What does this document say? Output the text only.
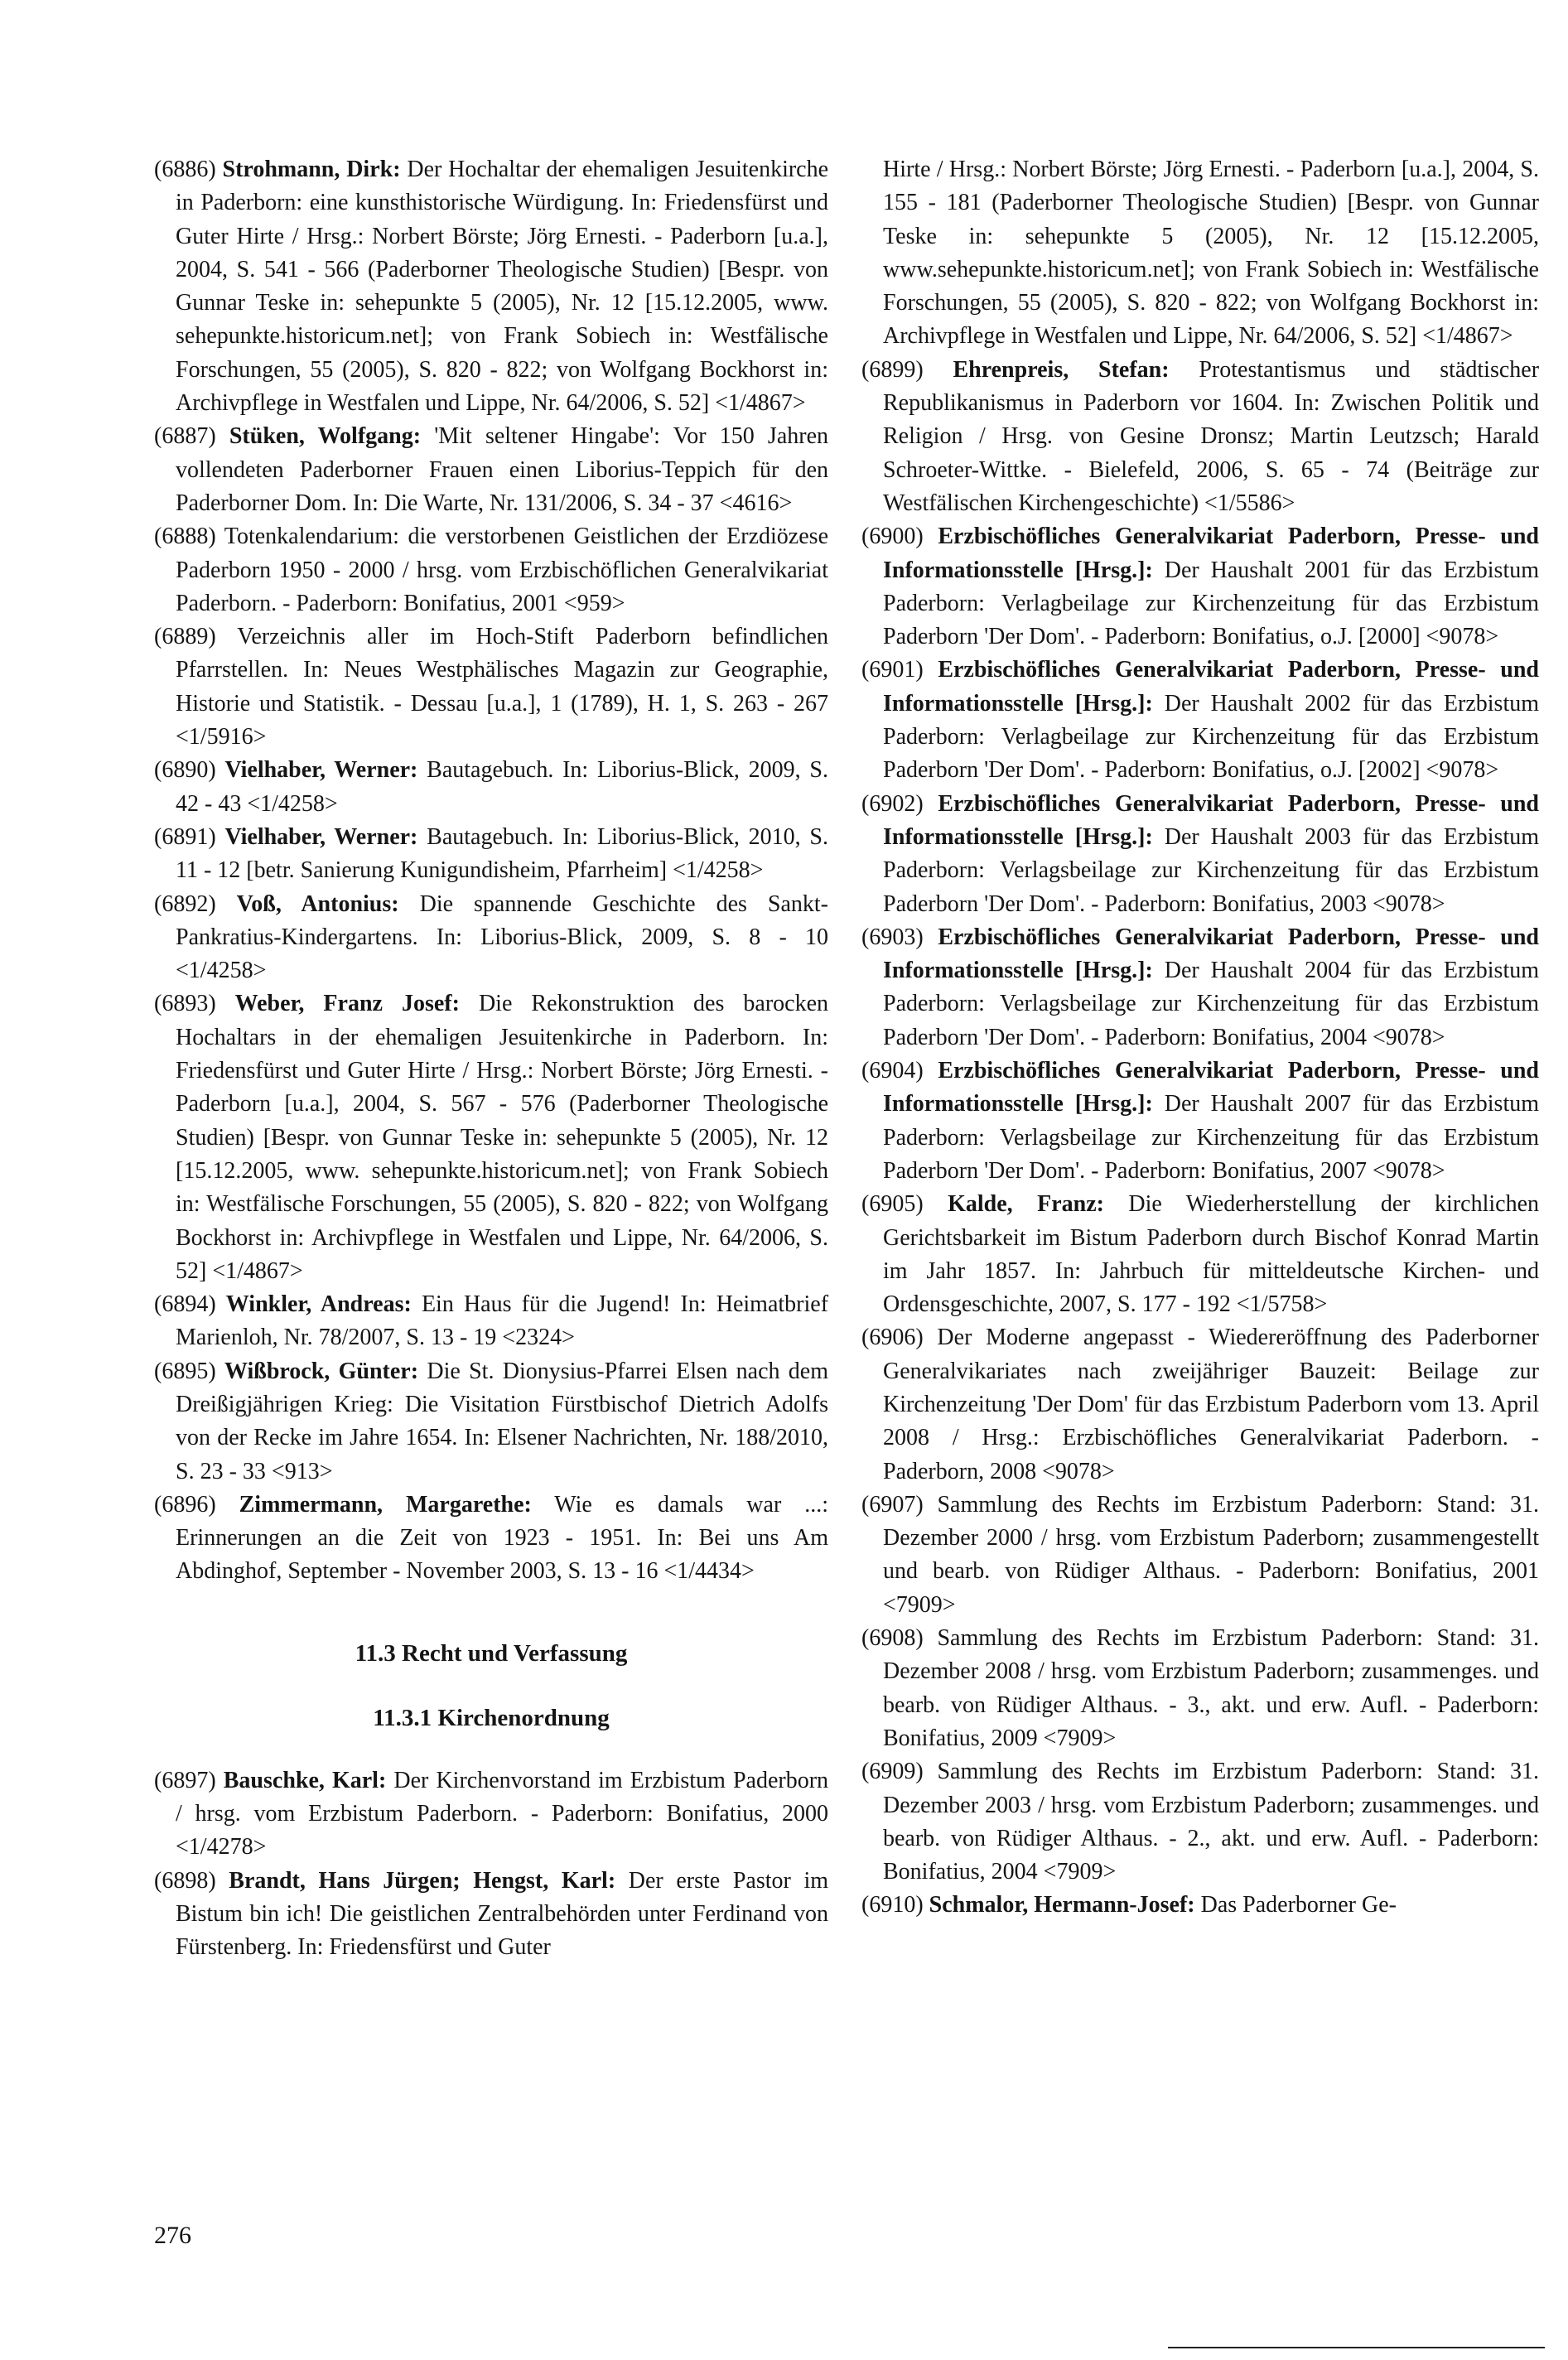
(6886) Strohmann, Dirk: Der Hochaltar der ehemaligen Jesuitenkirche in Paderborn: eine kunsthistorische Würdigung. In: Friedensfürst und Guter Hirte / Hrsg.: Norbert Börste; Jörg Ernesti. - Paderborn [u.a.], 2004, S. 541 - 566 (Paderborner Theologische Studien) [Bespr. von Gunnar Teske in: sehepunkte 5 (2005), Nr. 12 [15.12.2005, www. sehepunkte.historicum.net]; von Frank Sobiech in: Westfälische Forschungen, 55 (2005), S. 820 - 822; von Wolfgang Bockhorst in: Archivpflege in Westfalen und Lippe, Nr. 64/2006, S. 52] <1/4867>

(6887) Stüken, Wolfgang: 'Mit seltener Hingabe': Vor 150 Jahren vollendeten Paderborner Frauen einen Liborius-Teppich für den Paderborner Dom. In: Die Warte, Nr. 131/2006, S. 34 - 37 <4616>

(6888) Totenkalendarium: die verstorbenen Geistlichen der Erzdiözese Paderborn 1950 - 2000 / hrsg. vom Erzbischöflichen Generalvikariat Paderborn. - Paderborn: Bonifatius, 2001 <959>

(6889) Verzeichnis aller im Hoch-Stift Paderborn befindlichen Pfarrstellen. In: Neues Westphälisches Magazin zur Geographie, Historie und Statistik. - Dessau [u.a.], 1 (1789), H. 1, S. 263 - 267 <1/5916>

(6890) Vielhaber, Werner: Bautagebuch. In: Liborius-Blick, 2009, S. 42 - 43 <1/4258>

(6891) Vielhaber, Werner: Bautagebuch. In: Liborius-Blick, 2010, S. 11 - 12 [betr. Sanierung Kunigundisheim, Pfarrheim] <1/4258>

(6892) Voß, Antonius: Die spannende Geschichte des Sankt-Pankratius-Kindergartens. In: Liborius-Blick, 2009, S. 8 - 10 <1/4258>

(6893) Weber, Franz Josef: Die Rekonstruktion des barocken Hochaltars in der ehemaligen Jesuitenkirche in Paderborn. In: Friedensfürst und Guter Hirte / Hrsg.: Norbert Börste; Jörg Ernesti. - Paderborn [u.a.], 2004, S. 567 - 576 (Paderborner Theologische Studien) [Bespr. von Gunnar Teske in: sehepunkte 5 (2005), Nr. 12 [15.12.2005, www. sehepunkte.historicum.net]; von Frank Sobiech in: Westfälische Forschungen, 55 (2005), S. 820 - 822; von Wolfgang Bockhorst in: Archivpflege in Westfalen und Lippe, Nr. 64/2006, S. 52] <1/4867>

(6894) Winkler, Andreas: Ein Haus für die Jugend! In: Heimatbrief Marienloh, Nr. 78/2007, S. 13 - 19 <2324>

(6895) Wißbrock, Günter: Die St. Dionysius-Pfarrei Elsen nach dem Dreißigjährigen Krieg: Die Visitation Fürstbischof Dietrich Adolfs von der Recke im Jahre 1654. In: Elsener Nachrichten, Nr. 188/2010, S. 23 - 33 <913>

(6896) Zimmermann, Margarethe: Wie es damals war ...: Erinnerungen an die Zeit von 1923 - 1951. In: Bei uns Am Abdinghof, September - November 2003, S. 13 - 16 <1/4434>

11.3 Recht und Verfassung
11.3.1 Kirchenordnung

(6897) Bauschke, Karl: Der Kirchenvorstand im Erzbistum Paderborn / hrsg. vom Erzbistum Paderborn. - Paderborn: Bonifatius, 2000 <1/4278>

(6898) Brandt, Hans Jürgen; Hengst, Karl: Der erste Pastor im Bistum bin ich! Die geistlichen Zentralbehörden unter Ferdinand von Fürstenberg. In: Friedensfürst und Guter

Hirte / Hrsg.: Norbert Börste; Jörg Ernesti. - Paderborn [u.a.], 2004, S. 155 - 181 (Paderborner Theologische Studien) [Bespr. von Gunnar Teske in: sehepunkte 5 (2005), Nr. 12 [15.12.2005, www.sehepunkte.historicum.net]; von Frank Sobiech in: Westfälische Forschungen, 55 (2005), S. 820 - 822; von Wolfgang Bockhorst in: Archivpflege in Westfalen und Lippe, Nr. 64/2006, S. 52] <1/4867>

(6899) Ehrenpreis, Stefan: Protestantismus und städtischer Republikanismus in Paderborn vor 1604. In: Zwischen Politik und Religion / Hrsg. von Gesine Dronsz; Martin Leutzsch; Harald Schroeter-Wittke. - Bielefeld, 2006, S. 65 - 74 (Beiträge zur Westfälischen Kirchengeschichte) <1/5586>

(6900) Erzbischöfliches Generalvikariat Paderborn, Presse- und Informationsstelle [Hrsg.]: Der Haushalt 2001 für das Erzbistum Paderborn: Verlagbeilage zur Kirchenzeitung für das Erzbistum Paderborn 'Der Dom'. - Paderborn: Bonifatius, o.J. [2000] <9078>

(6901) Erzbischöfliches Generalvikariat Paderborn, Presse- und Informationsstelle [Hrsg.]: Der Haushalt 2002 für das Erzbistum Paderborn: Verlagbeilage zur Kirchenzeitung für das Erzbistum Paderborn 'Der Dom'. - Paderborn: Bonifatius, o.J. [2002] <9078>

(6902) Erzbischöfliches Generalvikariat Paderborn, Presse- und Informationsstelle [Hrsg.]: Der Haushalt 2003 für das Erzbistum Paderborn: Verlagsbeilage zur Kirchenzeitung für das Erzbistum Paderborn 'Der Dom'. - Paderborn: Bonifatius, 2003 <9078>

(6903) Erzbischöfliches Generalvikariat Paderborn, Presse- und Informationsstelle [Hrsg.]: Der Haushalt 2004 für das Erzbistum Paderborn: Verlagsbeilage zur Kirchenzeitung für das Erzbistum Paderborn 'Der Dom'. - Paderborn: Bonifatius, 2004 <9078>

(6904) Erzbischöfliches Generalvikariat Paderborn, Presse- und Informationsstelle [Hrsg.]: Der Haushalt 2007 für das Erzbistum Paderborn: Verlagsbeilage zur Kirchenzeitung für das Erzbistum Paderborn 'Der Dom'. - Paderborn: Bonifatius, 2007 <9078>

(6905) Kalde, Franz: Die Wiederherstellung der kirchlichen Gerichtsbarkeit im Bistum Paderborn durch Bischof Konrad Martin im Jahr 1857. In: Jahrbuch für mitteldeutsche Kirchen- und Ordensgeschichte, 2007, S. 177 - 192 <1/5758>

(6906) Der Moderne angepasst - Wiedereröffnung des Paderborner Generalvikariates nach zweijähriger Bauzeit: Beilage zur Kirchenzeitung 'Der Dom' für das Erzbistum Paderborn vom 13. April 2008 / Hrsg.: Erzbischöfliches Generalvikariat Paderborn. - Paderborn, 2008 <9078>

(6907) Sammlung des Rechts im Erzbistum Paderborn: Stand: 31. Dezember 2000 / hrsg. vom Erzbistum Paderborn; zusammengestellt und bearb. von Rüdiger Althaus. - Paderborn: Bonifatius, 2001 <7909>

(6908) Sammlung des Rechts im Erzbistum Paderborn: Stand: 31. Dezember 2008 / hrsg. vom Erzbistum Paderborn; zusammenges. und bearb. von Rüdiger Althaus. - 3., akt. und erw. Aufl. - Paderborn: Bonifatius, 2009 <7909>

(6909) Sammlung des Rechts im Erzbistum Paderborn: Stand: 31. Dezember 2003 / hrsg. vom Erzbistum Paderborn; zusammenges. und bearb. von Rüdiger Althaus. - 2., akt. und erw. Aufl. - Paderborn: Bonifatius, 2004 <7909>

(6910) Schmalor, Hermann-Josef: Das Paderborner Ge-

276
